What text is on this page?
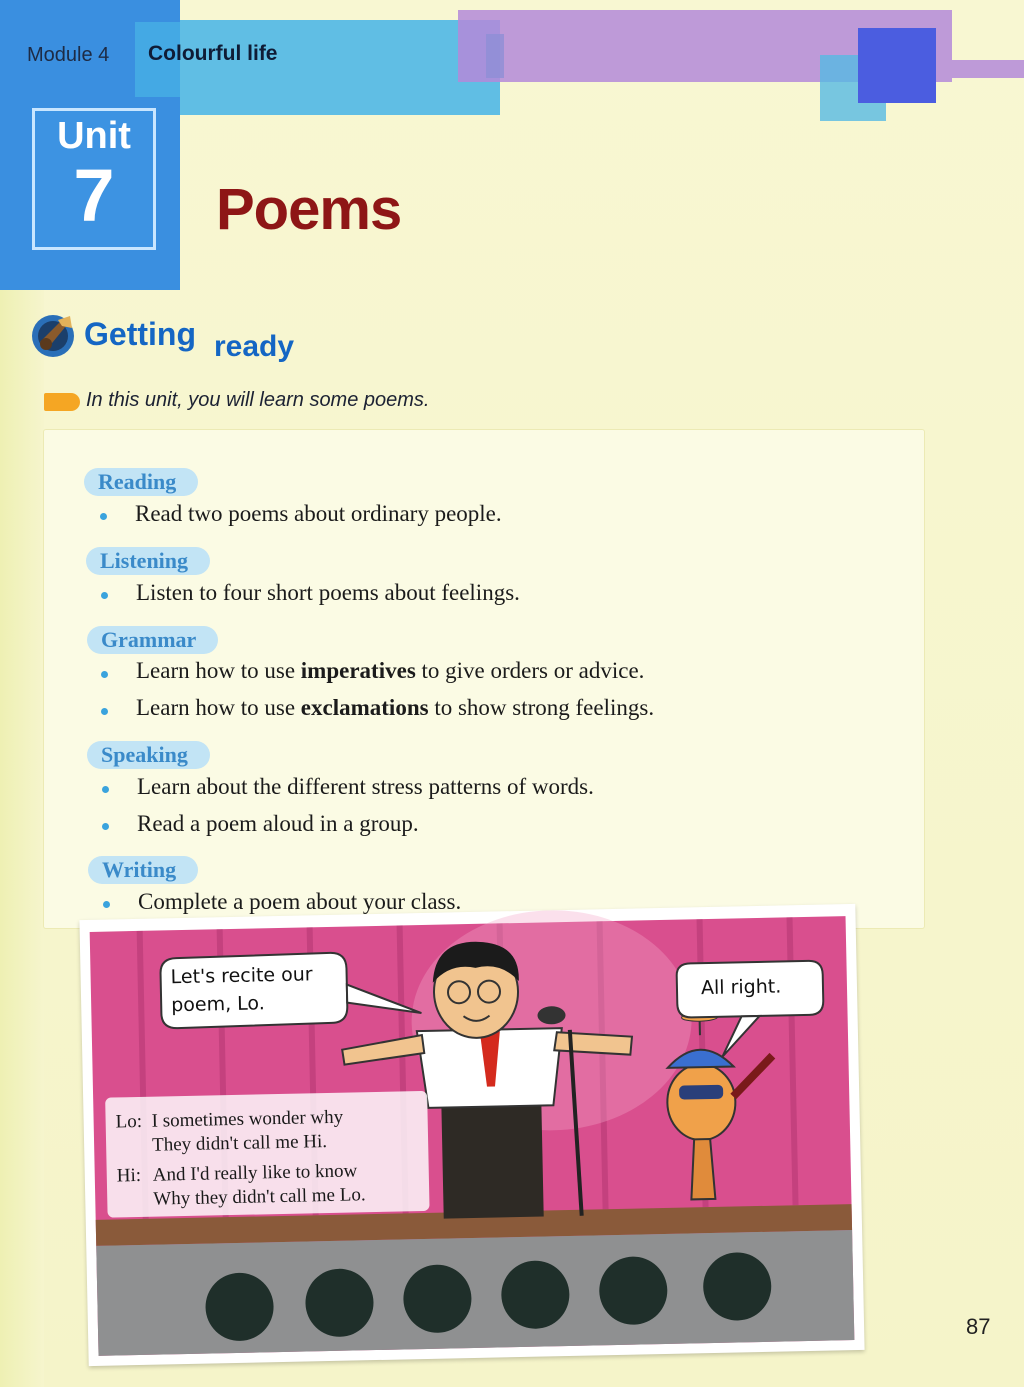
Module 4 Colourful life
Unit
7	Poems
Getting ready
In this unit, you will learn some poems.
Reading
Read two poems about ordinary people.
Listening
Listen to four short poems about feelings.
Grammar
Learn how to use imperatives to give orders or advice.
Learn how to use exclamations to show strong feelings.
Speaking
Learn about the different stress patterns of words.
Read a poem aloud in a group.
Writing
Complete a poem about your class.
Let's recite our
poem, Lo.
All right.
Lo: I sometimes wonder why
They didn't call me Hi.
Hi: And I'd really like to know
Why they didn't call me Lo.
87
